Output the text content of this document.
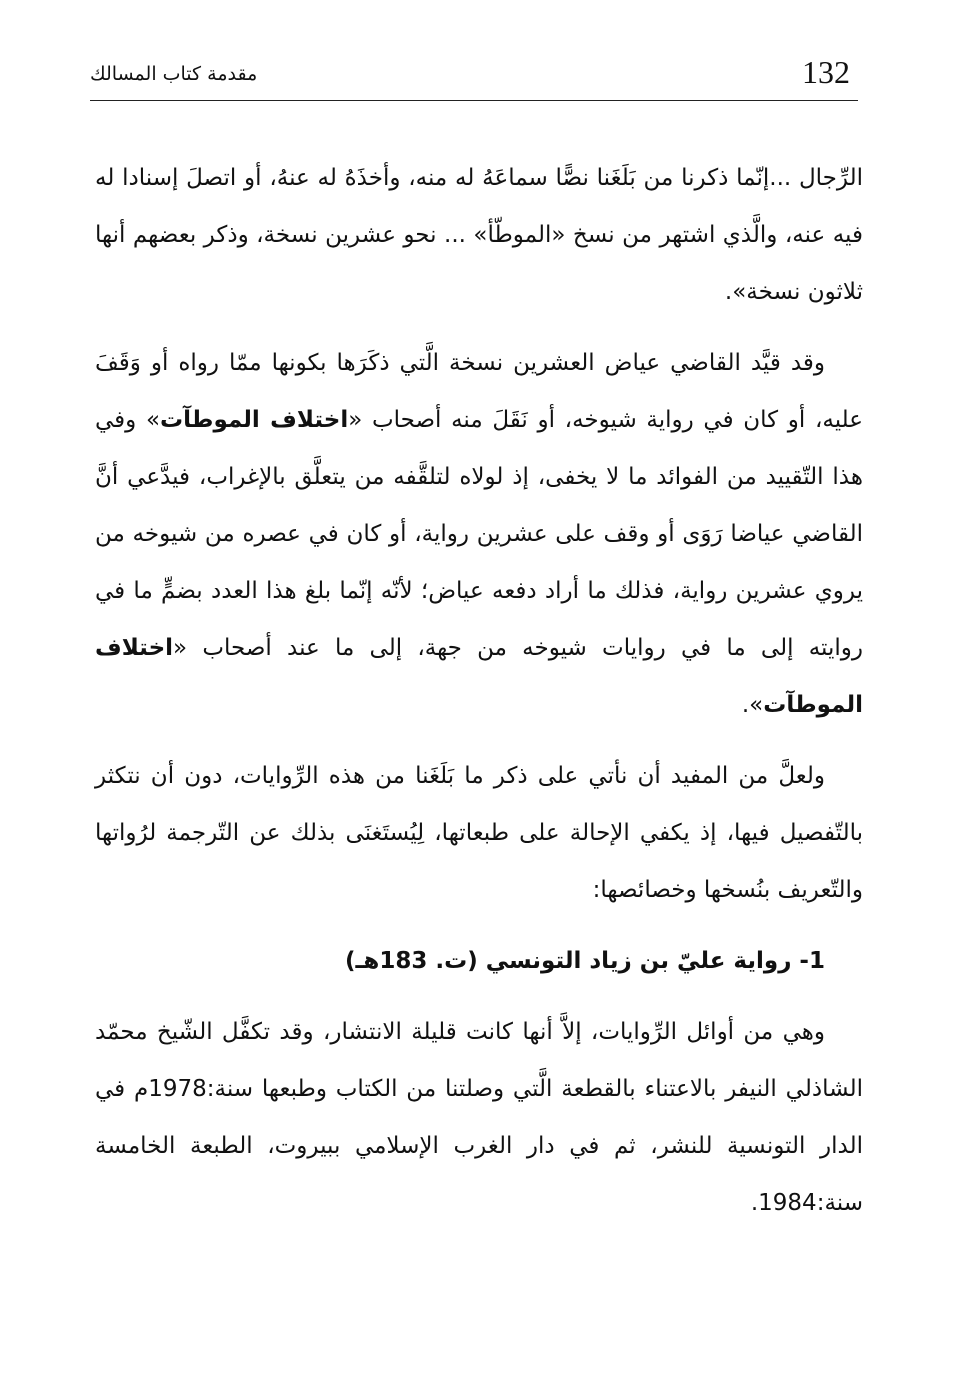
132
مقدمة كتاب المسالك

الرِّجال ...إنّما ذكرنا من بَلَغَنا نصًّا سماعَهُ له منه، وأخذَهُ له عنهُ، أو اتصلَ إسنادا له فيه عنه، والَّذي اشتهر من نسخ «الموطّأ» ... نحو عشرين نسخة، وذكر بعضهم أنها ثلاثون نسخة».

وقد قيَّد القاضي عياض العشرين نسخة الَّتي ذكَرَها بكونها ممّا رواه أو وَقَفَ عليه، أو كان في رواية شيوخه، أو نَقَلَ منه أصحاب «اختلاف الموطآت» وفي هذا التّقييد من الفوائد ما لا يخفى، إذ لولاه لتلقَّفه من يتعلَّق بالإغراب، فيدَّعي أنَّ القاضي عياضا رَوَى أو وقف على عشرين رواية، أو كان في عصره من شيوخه من يروي عشرين رواية، فذلك ما أراد دفعه عياض؛ لأنّه إنّما بلغ هذا العدد بضمٍّ ما في روايته إلى ما في روايات شيوخه من جهة، إلى ما عند أصحاب «اختلاف الموطآت».

ولعلَّ من المفيد أن نأتي على ذكر ما بَلَغَنا من هذه الرِّوايات، دون أن نتكثر بالتّفصيل فيها، إذ يكفي الإحالة على طبعاتها، لِيُستَغنَى بذلك عن التّرجمة لرُواتها والتّعريف بنُسخها وخصائصها:

1- رواية عليّ بن زياد التونسي (ت. 183هـ)

وهي من أوائل الرِّوايات، إلاَّ أنها كانت قليلة الانتشار، وقد تكفَّل الشّيخ محمّد الشاذلي النيفر بالاعتناء بالقطعة الَّتي وصلتنا من الكتاب وطبعها سنة:1978م في الدار التونسية للنشر، ثم في دار الغرب الإسلامي ببيروت، الطبعة الخامسة سنة:1984.
